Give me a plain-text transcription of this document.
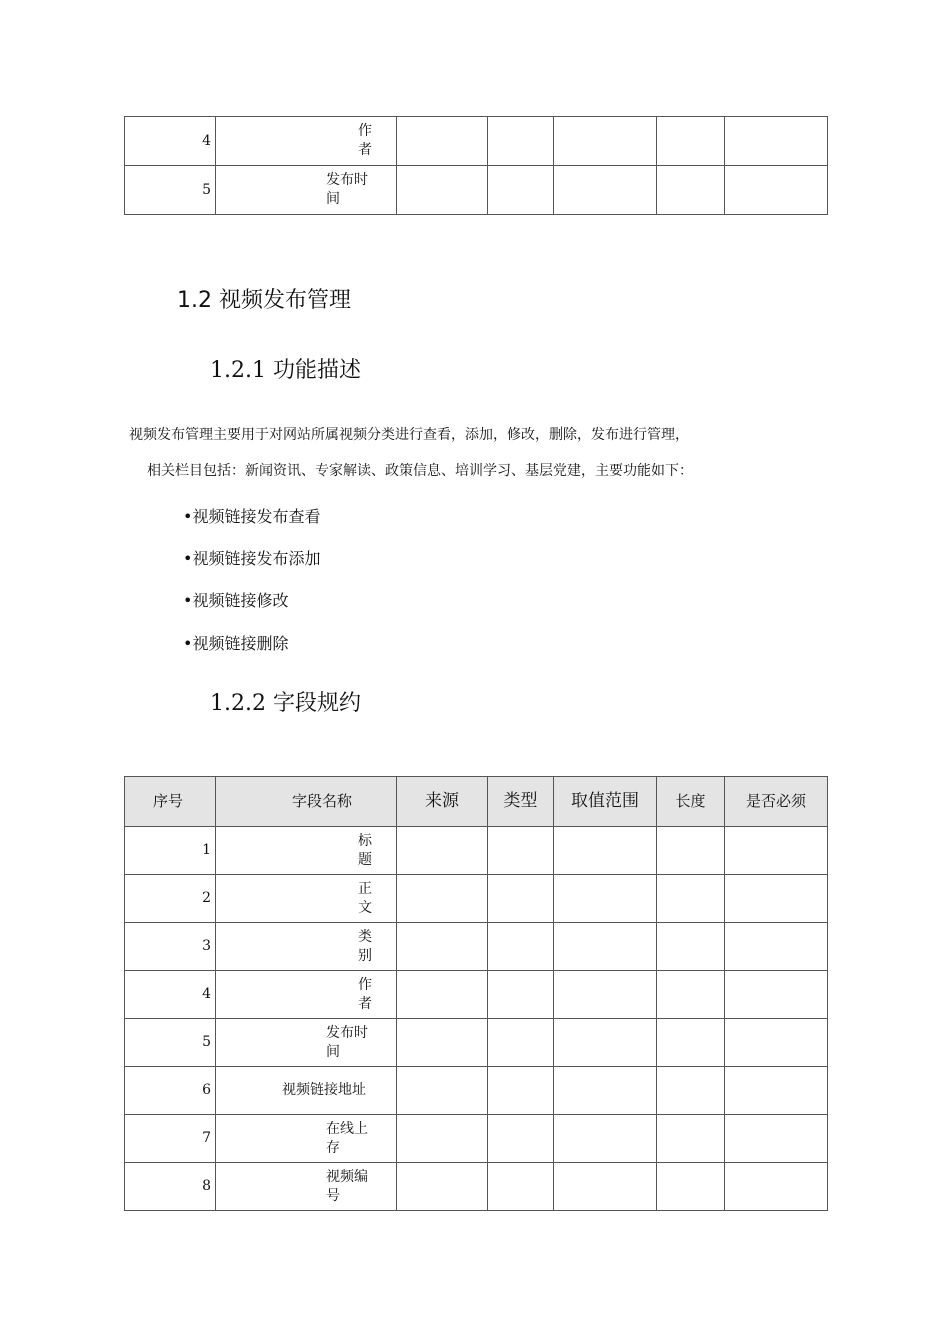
4	作
者					
5	发布时
间					
1.2 视频发布管理
1.2.1 功能描述
视频发布管理主要用于对网站所属视频分类进行查看，添加，修改，删除，发布进行管理，
相关栏目包括：新闻资讯、专家解读、政策信息、培训学习、基层党建，主要功能如下：
• 视频链接发布查看
• 视频链接发布添加
• 视频链接修改
• 视频链接删除
1.2.2 字段规约
序号	字段名称	来源	类型	取值范围	长度	是否必须
1	标
题					
2	正
文					
3	类
别					
4	作
者					
5	发布时
间					
6	视频链接地址					
7	在线上
存					
8	视频编
号					
